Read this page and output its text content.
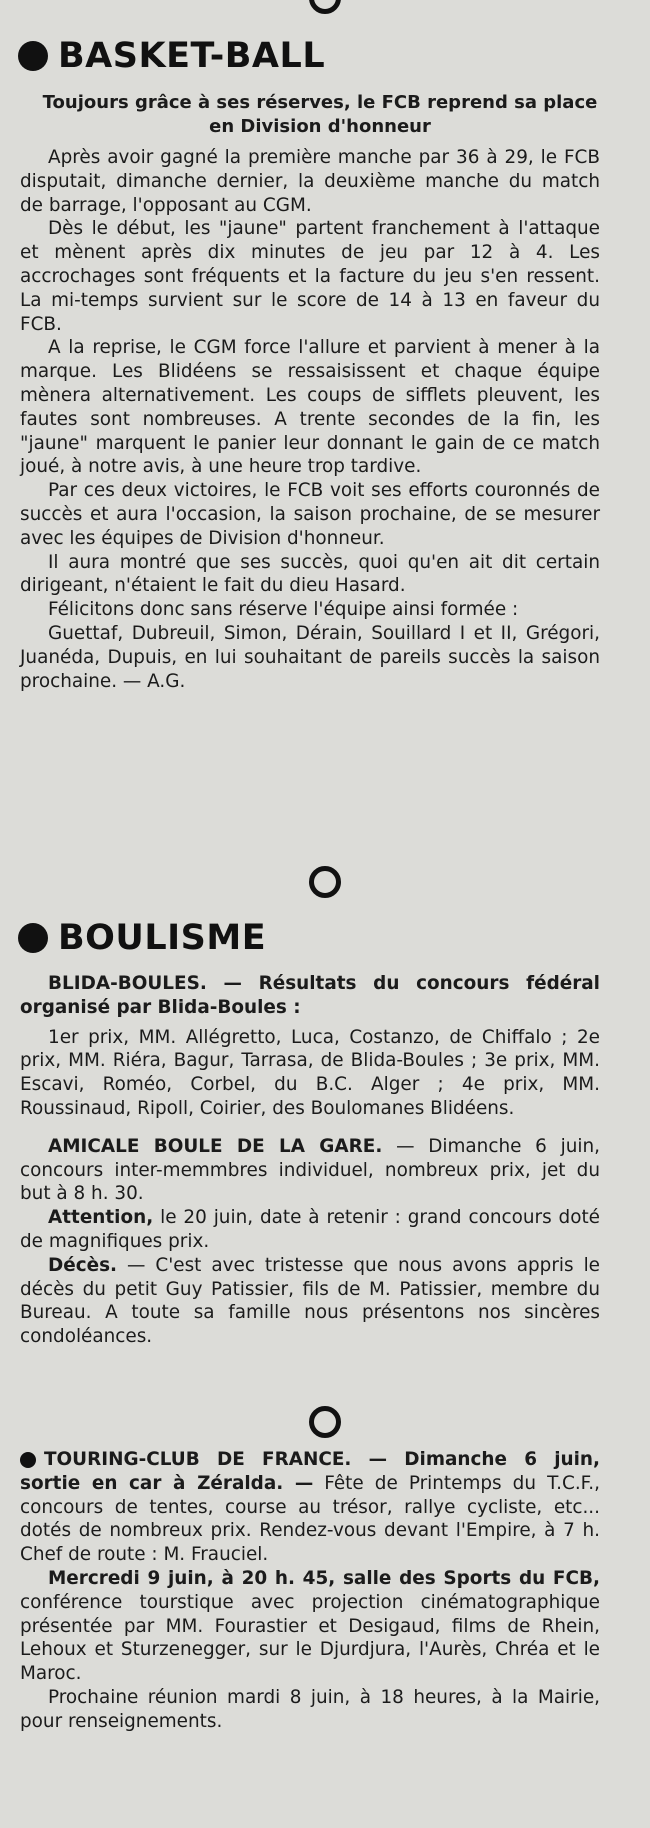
BASKET-BALL
Toujours grâce à ses réserves, le FCB reprend sa place en Division d'honneur

Après avoir gagné la première manche par 36 à 29, le FCB disputait, dimanche dernier, la deuxième manche du match de barrage, l'opposant au CGM.

Dès le début, les "jaune" partent franchement à l'attaque et mènent après dix minutes de jeu par 12 à 4. Les accrochages sont fréquents et la facture du jeu s'en ressent. La mi-temps survient sur le score de 14 à 13 en faveur du FCB.

A la reprise, le CGM force l'allure et parvient à mener à la marque. Les Blidéens se ressaisissent et chaque équipe mènera alternativement. Les coups de sifflets pleuvent, les fautes sont nombreuses. A trente secondes de la fin, les "jaune" marquent le panier leur donnant le gain de ce match joué, à notre avis, à une heure trop tardive.

Par ces deux victoires, le FCB voit ses efforts couronnés de succès et aura l'occasion, la saison prochaine, de se mesurer avec les équipes de Division d'honneur.

Il aura montré que ses succès, quoi qu'en ait dit certain dirigeant, n'étaient le fait du dieu Hasard.

Félicitons donc sans réserve l'équipe ainsi formée :

Guettaf, Dubreuil, Simon, Dérain, Souillard I et II, Grégori, Juanéda, Dupuis, en lui souhaitant de pareils succès la saison prochaine. — A.G.

BOULISME

BLIDA-BOULES. — Résultats du concours fédéral organisé par Blida-Boules :

1er prix, MM. Allégretto, Luca, Costanzo, de Chiffalo ; 2e prix, MM. Riéra, Bagur, Tarrasa, de Blida-Boules ; 3e prix, MM. Escavi, Roméo, Corbel, du B.C. Alger ; 4e prix, MM. Roussinaud, Ripoll, Coirier, des Boulomanes Blidéens.

AMICALE BOULE DE LA GARE. — Dimanche 6 juin, concours inter-memmbres individuel, nombreux prix, jet du but à 8 h. 30.

Attention, le 20 juin, date à retenir : grand concours doté de magnifiques prix.

Décès. — C'est avec tristesse que nous avons appris le décès du petit Guy Patissier, fils de M. Patissier, membre du Bureau. A toute sa famille nous présentons nos sincères condoléances.

TOURING-CLUB DE FRANCE. — Dimanche 6 juin, sortie en car à Zéralda. — Fête de Printemps du T.C.F., concours de tentes, course au trésor, rallye cycliste, etc... dotés de nombreux prix. Rendez-vous devant l'Empire, à 7 h. Chef de route : M. Frauciel.

Mercredi 9 juin, à 20 h. 45, salle des Sports du FCB, conférence tourstique avec projection cinématographique présentée par MM. Fourastier et Desigaud, films de Rhein, Lehoux et Sturzenegger, sur le Djurdjura, l'Aurès, Chréa et le Maroc.

Prochaine réunion mardi 8 juin, à 18 heures, à la Mairie, pour renseignements.
